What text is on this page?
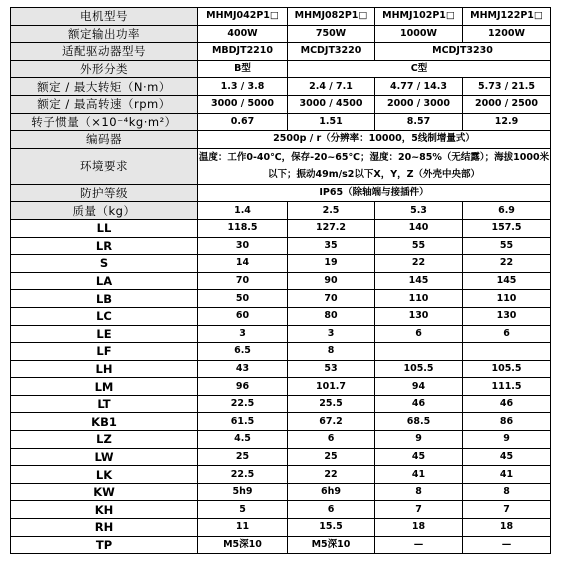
电机型号	MHMJ042P1□	MHMJ082P1□	MHMJ102P1□	MHMJ122P1□
额定输出功率	400W	750W	1000W	1200W
适配驱动器型号	MBDJT2210	MCDJT3220	MCDJT3230	
外形分类	B型	C型		
额定 / 最大转矩（N·m）	1.3 / 3.8	2.4 / 7.1	4.77 / 14.3	5.73 / 21.5
额定 / 最高转速（rpm）	3000 / 5000	3000 / 4500	2000 / 3000	2000 / 2500
转子惯量（×10⁻⁴kg·m²）	0.67	1.51	8.57	12.9
编码器	2500p / r（分辨率：10000，5线制增量式）			
环境要求	温度：工作0-40℃，保存-20~65℃；湿度：20~85%（无结露）；海拔1000米以下；振动49m/s2以下X，Y，Z（外壳中央部）			
防护等级	IP65（除轴端与接插件）			
质量（kg）	1.4	2.5	5.3	6.9
LL	118.5	127.2	140	157.5
LR	30	35	55	55
S	14	19	22	22
LA	70	90	145	145
LB	50	70	110	110
LC	60	80	130	130
LE	3	3	6	6
LF	6.5	8		
LH	43	53	105.5	105.5
LM	96	101.7	94	111.5
LT	22.5	25.5	46	46
KB1	61.5	67.2	68.5	86
LZ	4.5	6	9	9
LW	25	25	45	45
LK	22.5	22	41	41
KW	5h9	6h9	8	8
KH	5	6	7	7
RH	11	15.5	18	18
TP	M5深10	M5深10	—	—
